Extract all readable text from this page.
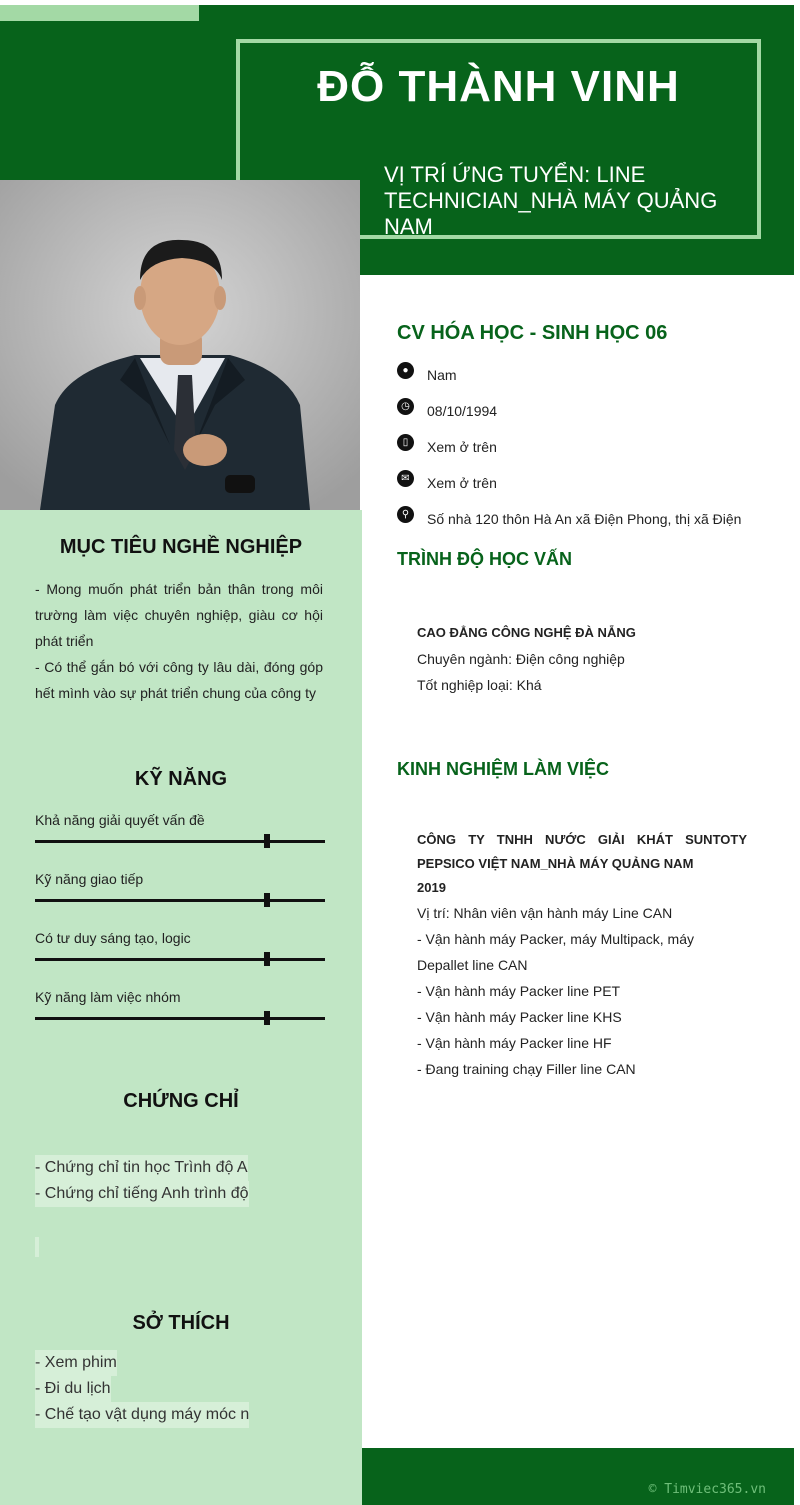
ĐỖ THÀNH VINH
VỊ TRÍ ỨNG TUYỂN: LINE TECHNICIAN_NHÀ MÁY QUẢNG NAM
CV HÓA HỌC - SINH HỌC 06
●	Nam
◷ 08/10/1994
▯	Xem ở trên
✉	Xem ở trên
⚲	Số nhà 120 thôn Hà An xã Điện Phong, thị xã Điện
TRÌNH ĐỘ HỌC VẤN
CAO ĐẲNG CÔNG NGHỆ ĐÀ NẴNG
Chuyên ngành: Điện công nghiệp
Tốt nghiệp loại: Khá
KINH NGHIỆM LÀM VIỆC
CÔNG TY TNHH NƯỚC GIẢI KHÁT SUNTOTY PEPSICO VIỆT NAM_NHÀ MÁY QUẢNG NAM
2019
Vị trí: Nhân viên vận hành máy Line CAN
- Vận hành máy Packer, máy Multipack, máy Depallet line CAN
- Vận hành máy Packer line PET
- Vận hành máy Packer line KHS
- Vận hành máy Packer line HF
- Đang training chạy Filler line CAN
MỤC TIÊU NGHỀ NGHIỆP
- Mong muốn phát triển bản thân trong môi trường làm việc chuyên nghiệp, giàu cơ hội phát triển
- Có thể gắn bó với công ty lâu dài, đóng góp hết mình vào sự phát triển chung của công ty
KỸ NĂNG
Khả năng giải quyết vấn đề
Kỹ năng giao tiếp
Có tư duy sáng tạo, logic
Kỹ năng làm việc nhóm
CHỨNG CHỈ
- Chứng chỉ tin học Trình độ A
- Chứng chỉ tiếng Anh trình độ
SỞ THÍCH
- Xem phim
- Đi du lịch
- Chế tạo vật dụng máy móc n
© Timviec365.vn
